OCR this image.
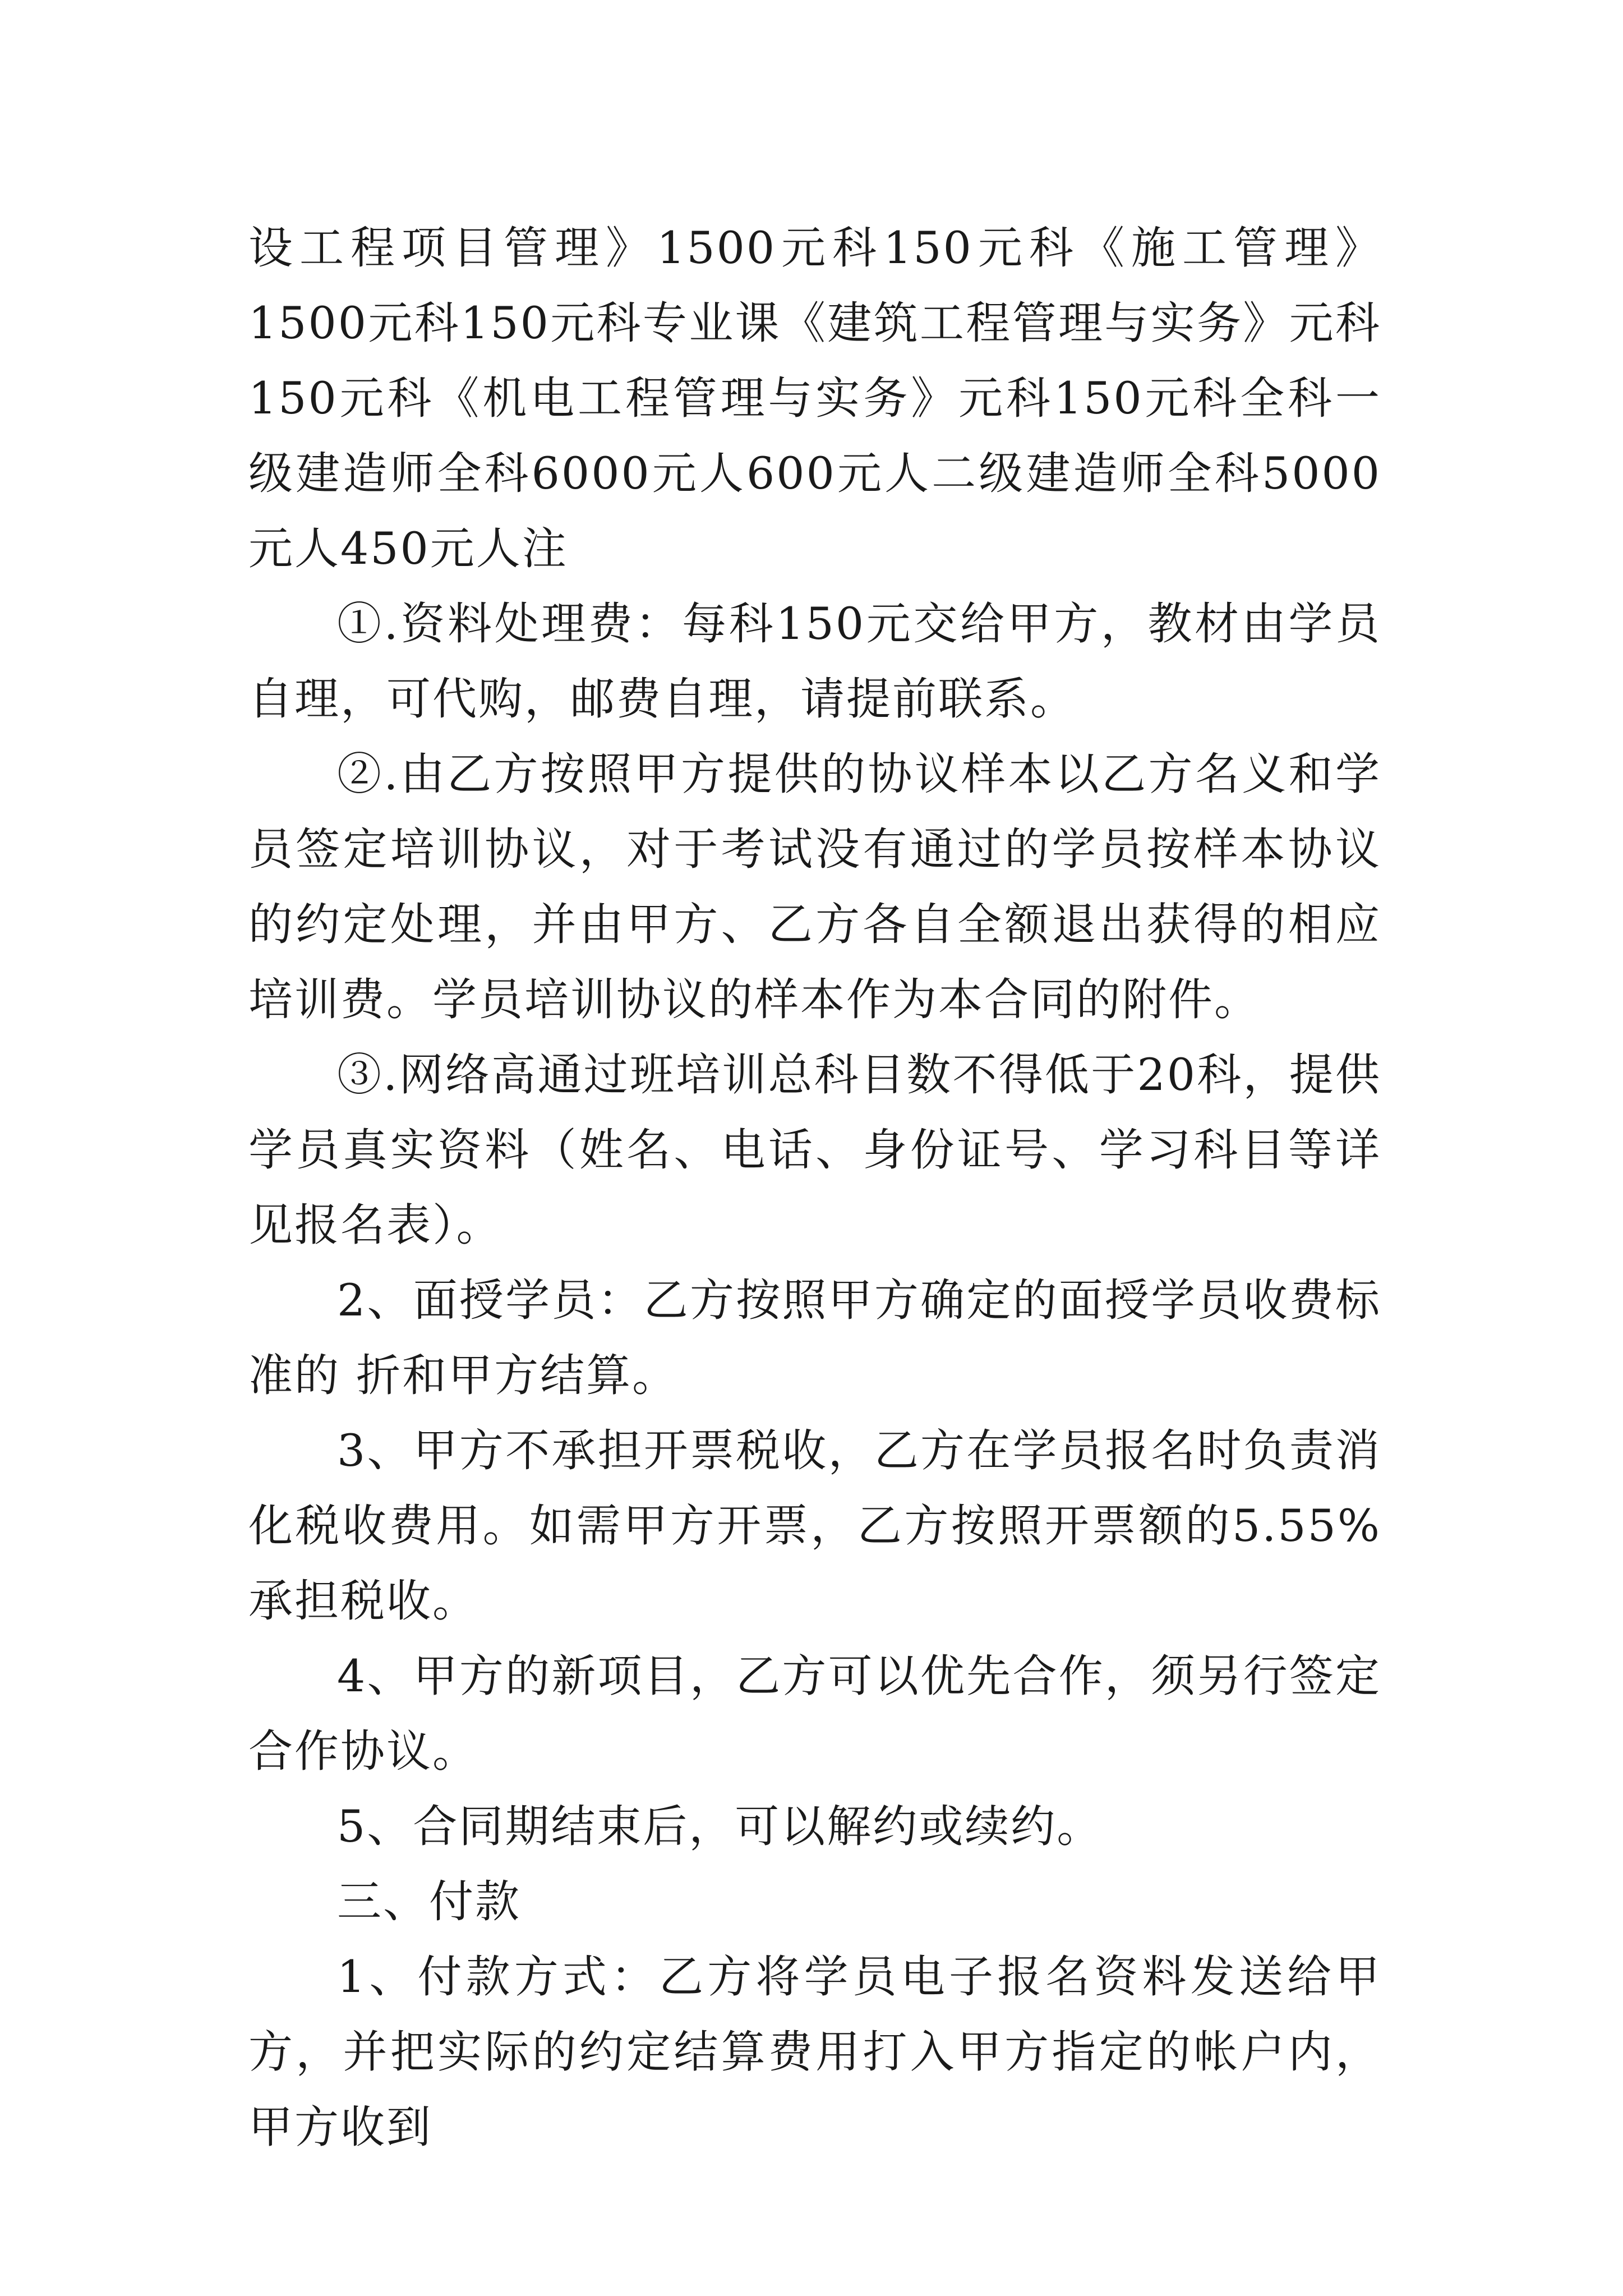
设工程项目管理》1500元科150元科《施工管理》1500元科150元科专业课《建筑工程管理与实务》元科150元科《机电工程管理与实务》元科150元科全科一级建造师全科6000元人600元人二级建造师全科5000元人450元人注

①.资料处理费：每科150元交给甲方，教材由学员自理，可代购，邮费自理，请提前联系。

②.由乙方按照甲方提供的协议样本以乙方名义和学员签定培训协议，对于考试没有通过的学员按样本协议的约定处理，并由甲方、乙方各自全额退出获得的相应培训费。学员培训协议的样本作为本合同的附件。

③.网络高通过班培训总科目数不得低于20科，提供学员真实资料（姓名、电话、身份证号、学习科目等详见报名表）。

2、面授学员：乙方按照甲方确定的面授学员收费标准的 折和甲方结算。

3、甲方不承担开票税收，乙方在学员报名时负责消化税收费用。如需甲方开票，乙方按照开票额的5.55%承担税收。

4、甲方的新项目，乙方可以优先合作，须另行签定合作协议。

5、合同期结束后，可以解约或续约。

三、付款

1、付款方式：乙方将学员电子报名资料发送给甲方，并把实际的约定结算费用打入甲方指定的帐户内，甲方收到
